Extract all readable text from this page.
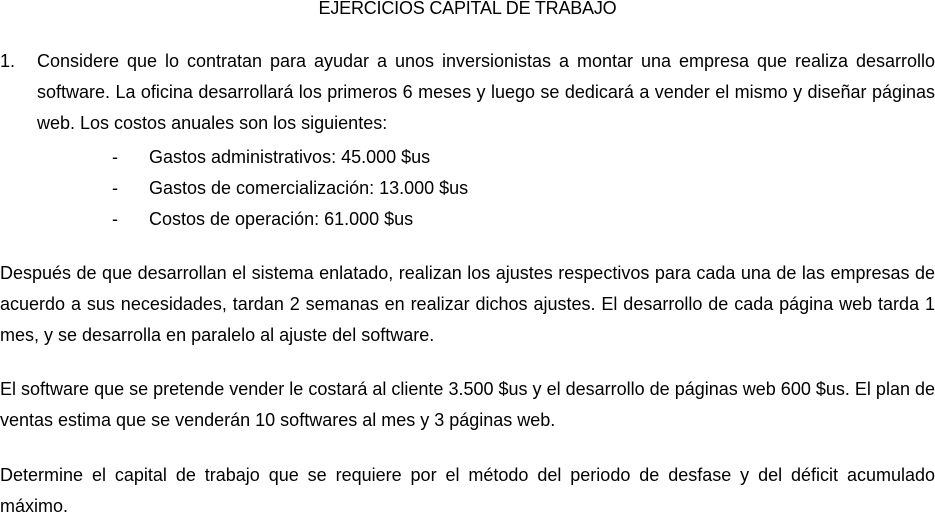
EJERCICIOS CAPITAL DE TRABAJO
1. Considere que lo contratan para ayudar a unos inversionistas a montar una empresa que realiza desarrollo software. La oficina desarrollará los primeros 6 meses y luego se dedicará a vender el mismo y diseñar páginas web. Los costos anuales son los siguientes:
- Gastos administrativos: 45.000 $us
- Gastos de comercialización: 13.000 $us
- Costos de operación: 61.000 $us
Después de que desarrollan el sistema enlatado, realizan los ajustes respectivos para cada una de las empresas de acuerdo a sus necesidades, tardan 2 semanas en realizar dichos ajustes. El desarrollo de cada página web tarda 1 mes, y se desarrolla en paralelo al ajuste del software.
El software que se pretende vender le costará al cliente 3.500 $us y el desarrollo de páginas web 600 $us. El plan de ventas estima que se venderán 10 softwares al mes y 3 páginas web.
Determine el capital de trabajo que se requiere por el método del periodo de desfase y del déficit acumulado máximo.
